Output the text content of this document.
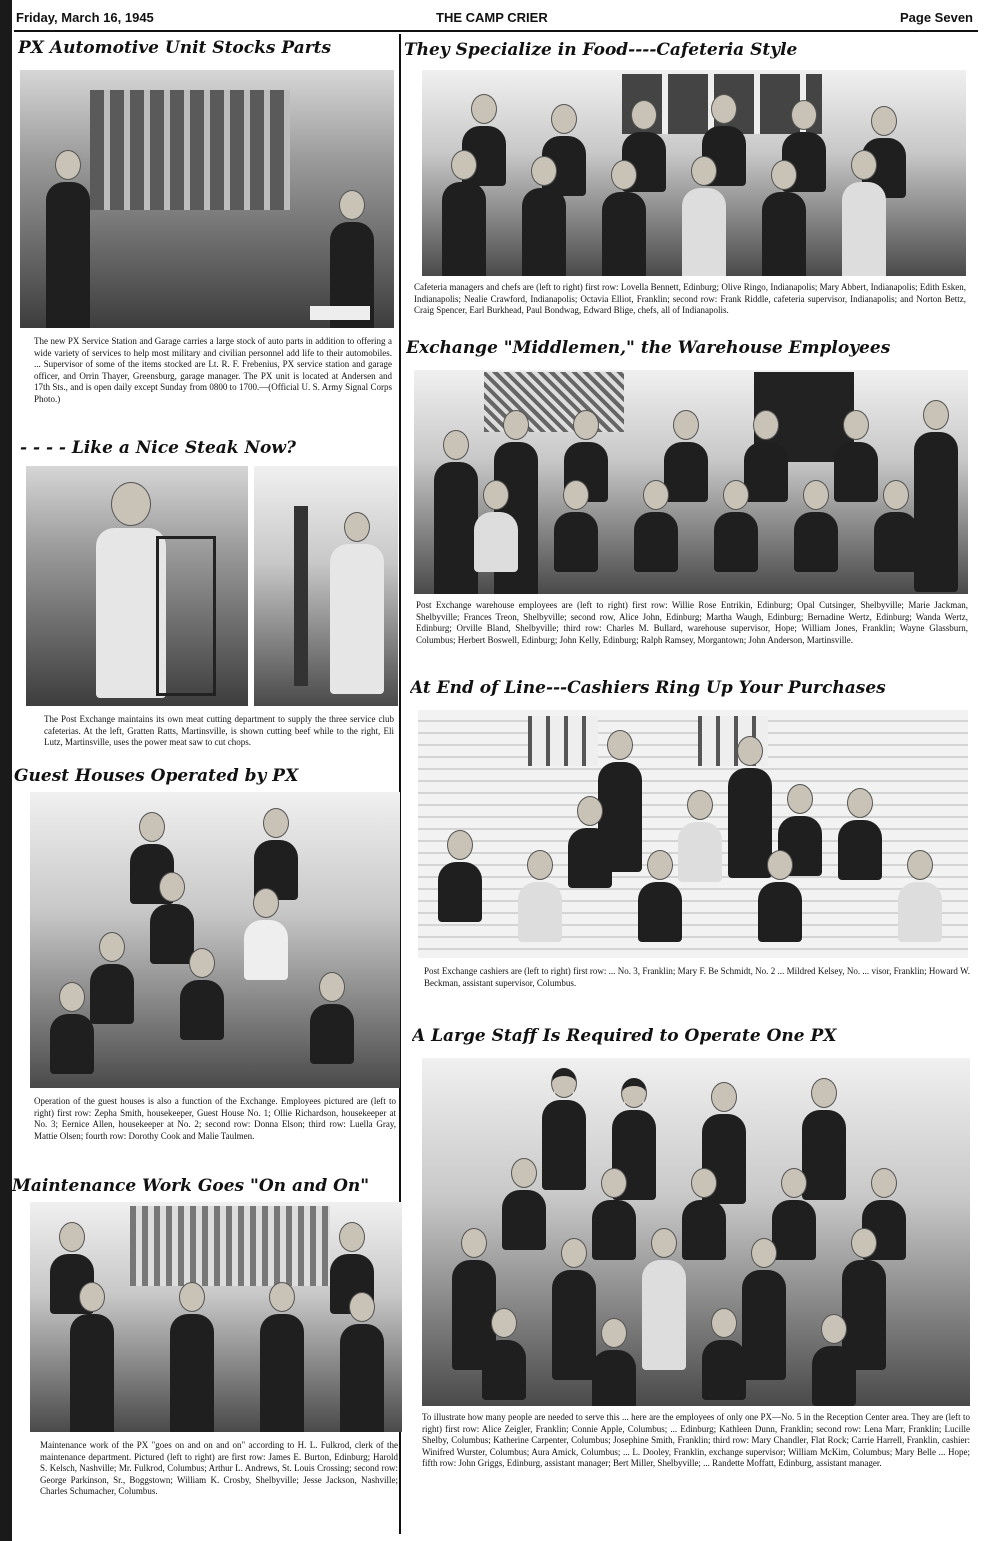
Friday, March 16, 1945	THE CAMP CRIER	Page Seven
PX Automotive Unit Stocks Parts
The new PX Service Station and Garage carries a large stock of auto parts in addition to offering a wide variety of services to help most military and civilian personnel add life to their automobiles. ... Supervisor of some of the items stocked are Lt. R. F. Frebenius, PX service station and garage officer, and Orrin Thayer, Greensburg, garage manager. The PX unit is located at Andersen and 17th Sts., and is open daily except Sunday from 0800 to 1700.—(Official U. S. Army Signal Corps Photo.)
- - - - Like a Nice Steak Now?
The Post Exchange maintains its own meat cutting department to supply the three service club cafeterias. At the left, Gratten Ratts, Martinsville, is shown cutting beef while to the right, Eli Lutz, Martinsville, uses the power meat saw to cut chops.
Guest Houses Operated by PX
Operation of the guest houses is also a function of the Exchange. Employees pictured are (left to right) first row: Zepha Smith, housekeeper, Guest House No. 1; Ollie Richardson, housekeeper at No. 3; Eernice Allen, housekeeper at No. 2; second row: Donna Elson; third row: Luella Gray, Mattie Olsen; fourth row: Dorothy Cook and Malie Taulmen.
Maintenance Work Goes "On and On"
Maintenance work of the PX "goes on and on and on" according to H. L. Fulkrod, clerk of the maintenance department. Pictured (left to right) are first row: James E. Burton, Edinburg; Harold S. Kelsch, Nashville; Mr. Fulkrod, Columbus; Arthur L. Andrews, St. Louis Crossing; second row: George Parkinson, Sr., Boggstown; William K. Crosby, Shelbyville; Jesse Jackson, Nashville; Charles Schumacher, Columbus.
They Specialize in Food----Cafeteria Style
Cafeteria managers and chefs are (left to right) first row: Lovella Bennett, Edinburg; Olive Ringo, Indianapolis; Mary Abbert, Indianapolis; Edith Esken, Indianapolis; Nealie Crawford, Indianapolis; Octavia Elliot, Franklin; second row: Frank Riddle, cafeteria supervisor, Indianapolis; and Norton Bettz, Craig Spencer, Earl Burkhead, Paul Bondwag, Edward Blige, chefs, all of Indianapolis.
Exchange "Middlemen," the Warehouse Employees
Post Exchange warehouse employees are (left to right) first row: Willie Rose Entrikin, Edinburg; Opal Cutsinger, Shelbyville; Marie Jackman, Shelbyville; Frances Treon, Shelbyville; second row, Alice John, Edinburg; Martha Waugh, Edinburg; Bernadine Wertz, Edinburg; Wanda Wertz, Edinburg; Orville Bland, Shelbyville; third row: Charles M. Bullard, warehouse supervisor, Hope; William Jones, Franklin; Wayne Glassburn, Columbus; Herbert Boswell, Edinburg; John Kelly, Edinburg; Ralph Ramsey, Morgantown; John Anderson, Martinsville.
At End of Line---Cashiers Ring Up Your Purchases
Post Exchange cashiers are (left to right) first row: ... No. 3, Franklin; Mary F. Be Schmidt, No. 2 ... Mildred Kelsey, No. ... visor, Franklin; Howard W. Beckman, assistant supervisor, Columbus.
A Large Staff Is Required to Operate One PX
To illustrate how many people are needed to serve this ... here are the employees of only one PX—No. 5 in the Reception Center area. They are (left to right) first row: Alice Zeigler, Franklin; Connie Apple, Columbus; ... Edinburg; Kathleen Dunn, Franklin; second row: Lena Marr, Franklin; Lucille Shelby, Columbus; Katherine Carpenter, Columbus; Josephine Smith, Franklin; third row: Mary Chandler, Flat Rock; Carrie Harrell, Franklin, cashier: Winifred Wurster, Columbus; Aura Amick, Columbus; ... L. Dooley, Franklin, exchange supervisor; William McKim, Columbus; Mary Belle ... Hope; fifth row: John Griggs, Edinburg, assistant manager; Bert Miller, Shelbyville; ... Randette Moffatt, Edinburg, assistant manager.
